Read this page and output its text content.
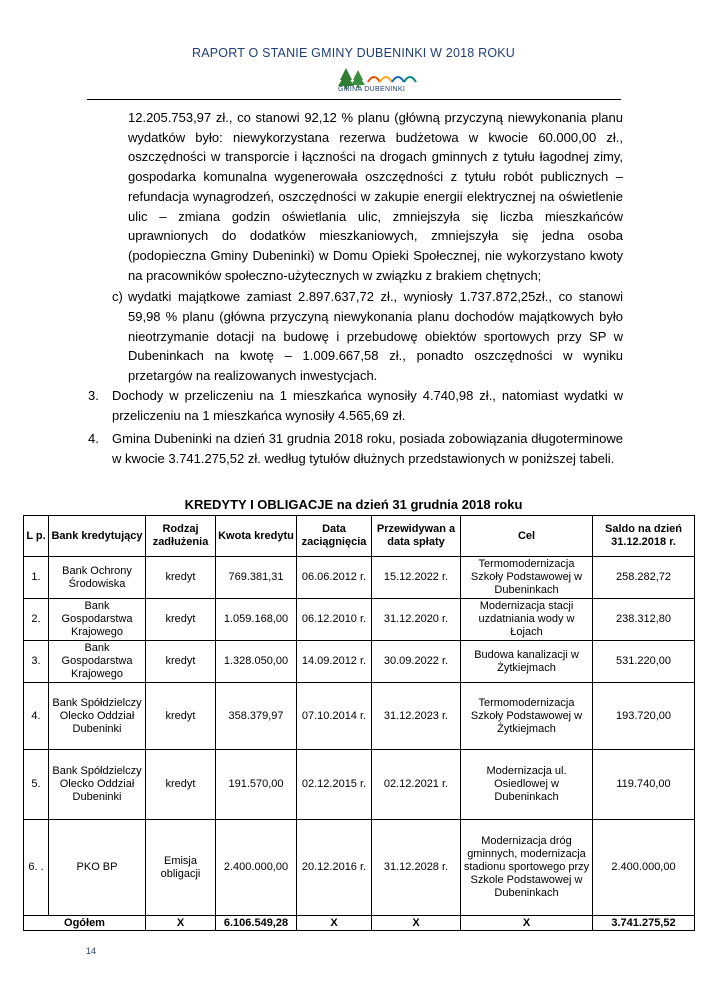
RAPORT O STANIE GMINY DUBENINKI W 2018 ROKU
GMINA DUBENINKI
12.205.753,97 zł., co stanowi 92,12 % planu (główną przyczyną niewykonania planu wydatków było: niewykorzystana rezerwa budżetowa w kwocie 60.000,00 zł., oszczędności w transporcie i łączności na drogach gminnych z tytułu łagodnej zimy, gospodarka komunalna wygenerowała oszczędności z tytułu robót publicznych – refundacja wynagrodzeń, oszczędności w zakupie energii elektrycznej na oświetlenie ulic – zmiana godzin oświetlania ulic, zmniejszyła się liczba mieszkańców uprawnionych do dodatków mieszkaniowych, zmniejszyła się jedna osoba (podopieczna Gminy Dubeninki) w Domu Opieki Społecznej, nie wykorzystano kwoty na pracowników społeczno-użytecznych w związku z brakiem chętnych;
c) wydatki majątkowe zamiast 2.897.637,72 zł., wyniosły 1.737.872,25zł., co stanowi 59,98 % planu (główna przyczyną niewykonania planu dochodów majątkowych było nieotrzymanie dotacji na budowę i przebudowę obiektów sportowych przy SP w Dubeninkach na kwotę – 1.009.667,58 zł., ponadto oszczędności w wyniku przetargów na realizowanych inwestycjach.
3. Dochody w przeliczeniu na 1 mieszkańca wynosiły 4.740,98 zł., natomiast wydatki w przeliczeniu na 1 mieszkańca wynosiły 4.565,69 zł.
4. Gmina Dubeninki na dzień 31 grudnia 2018 roku, posiada zobowiązania długoterminowe w kwocie 3.741.275,52 zł. według tytułów dłużnych przedstawionych w poniższej tabeli.
KREDYTY I OBLIGACJE na dzień 31 grudnia 2018 roku
L p.	Bank kredytujący	Rodzaj zadłużenia	Kwota kredytu	Data zaciągnięcia	Przewidywan a data spłaty	Cel	Saldo na dzień 31.12.2018 r.
1.	Bank Ochrony Środowiska	kredyt	769.381,31	06.06.2012 r.	15.12.2022 r.	Termomodernizacja Szkoły Podstawowej w Dubeninkach	258.282,72
2.	Bank Gospodarstwa Krajowego	kredyt	1.059.168,00	06.12.2010 r.	31.12.2020 r.	Modernizacja stacji uzdatniania wody w Łojach	238.312,80
3.	Bank Gospodarstwa Krajowego	kredyt	1.328.050,00	14.09.2012 r.	30.09.2022 r.	Budowa kanalizacji w Żytkiejmach	531.220,00
4.	Bank Spółdzielczy Olecko Oddział Dubeninki	kredyt	358.379,97	07.10.2014 r.	31.12.2023 r.	Termomodernizacja Szkoły Podstawowej w Żytkiejmach	193.720,00
5.	Bank Spółdzielczy Olecko Oddział Dubeninki	kredyt	191.570,00	02.12.2015 r.	02.12.2021 r.	Modernizacja ul. Osiedlowej w Dubeninkach	119.740,00
6. .	PKO BP	Emisja obligacji	2.400.000,00	20.12.2016 r.	31.12.2028 r.	Modernizacja dróg gminnych, modernizacja stadionu sportowego przy Szkole Podstawowej w Dubeninkach	2.400.000,00
Ogółem		X	6.106.549,28	X	X	X	3.741.275,52
14
